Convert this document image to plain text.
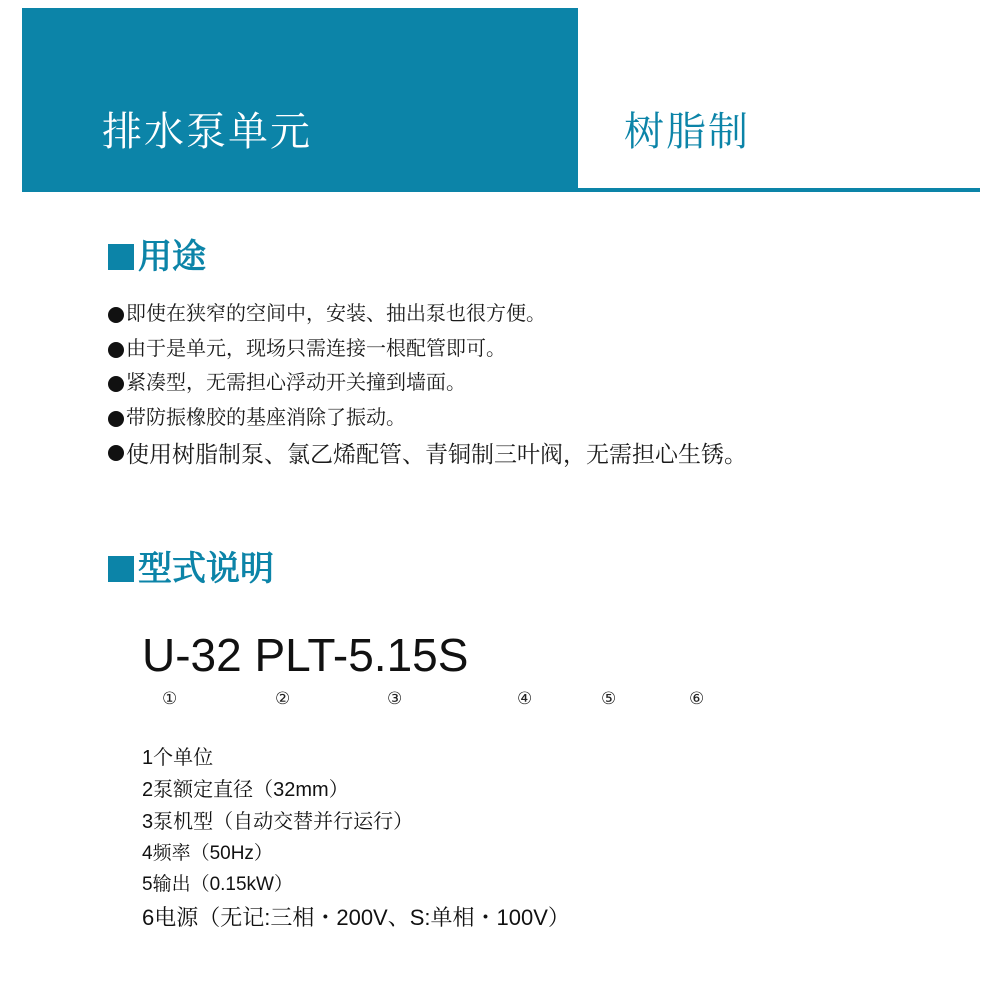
排水泵单元	树脂制
用途
即使在狭窄的空间中，安装、抽出泵也很方便。
由于是单元，现场只需连接一根配管即可。
紧凑型，无需担心浮动开关撞到墙面。
带防振橡胶的基座消除了振动。
使用树脂制泵、氯乙烯配管、青铜制三叶阀，无需担心生锈。
型式说明
U-32 PLT-5.15S
①	②	③	④	⑤	⑥
1个单位
2泵额定直径（32mm）
3泵机型（自动交替并行运行）
4频率（50Hz）
5输出（0.15kW）
6电源（无记:三相・200V、S:单相・100V）
